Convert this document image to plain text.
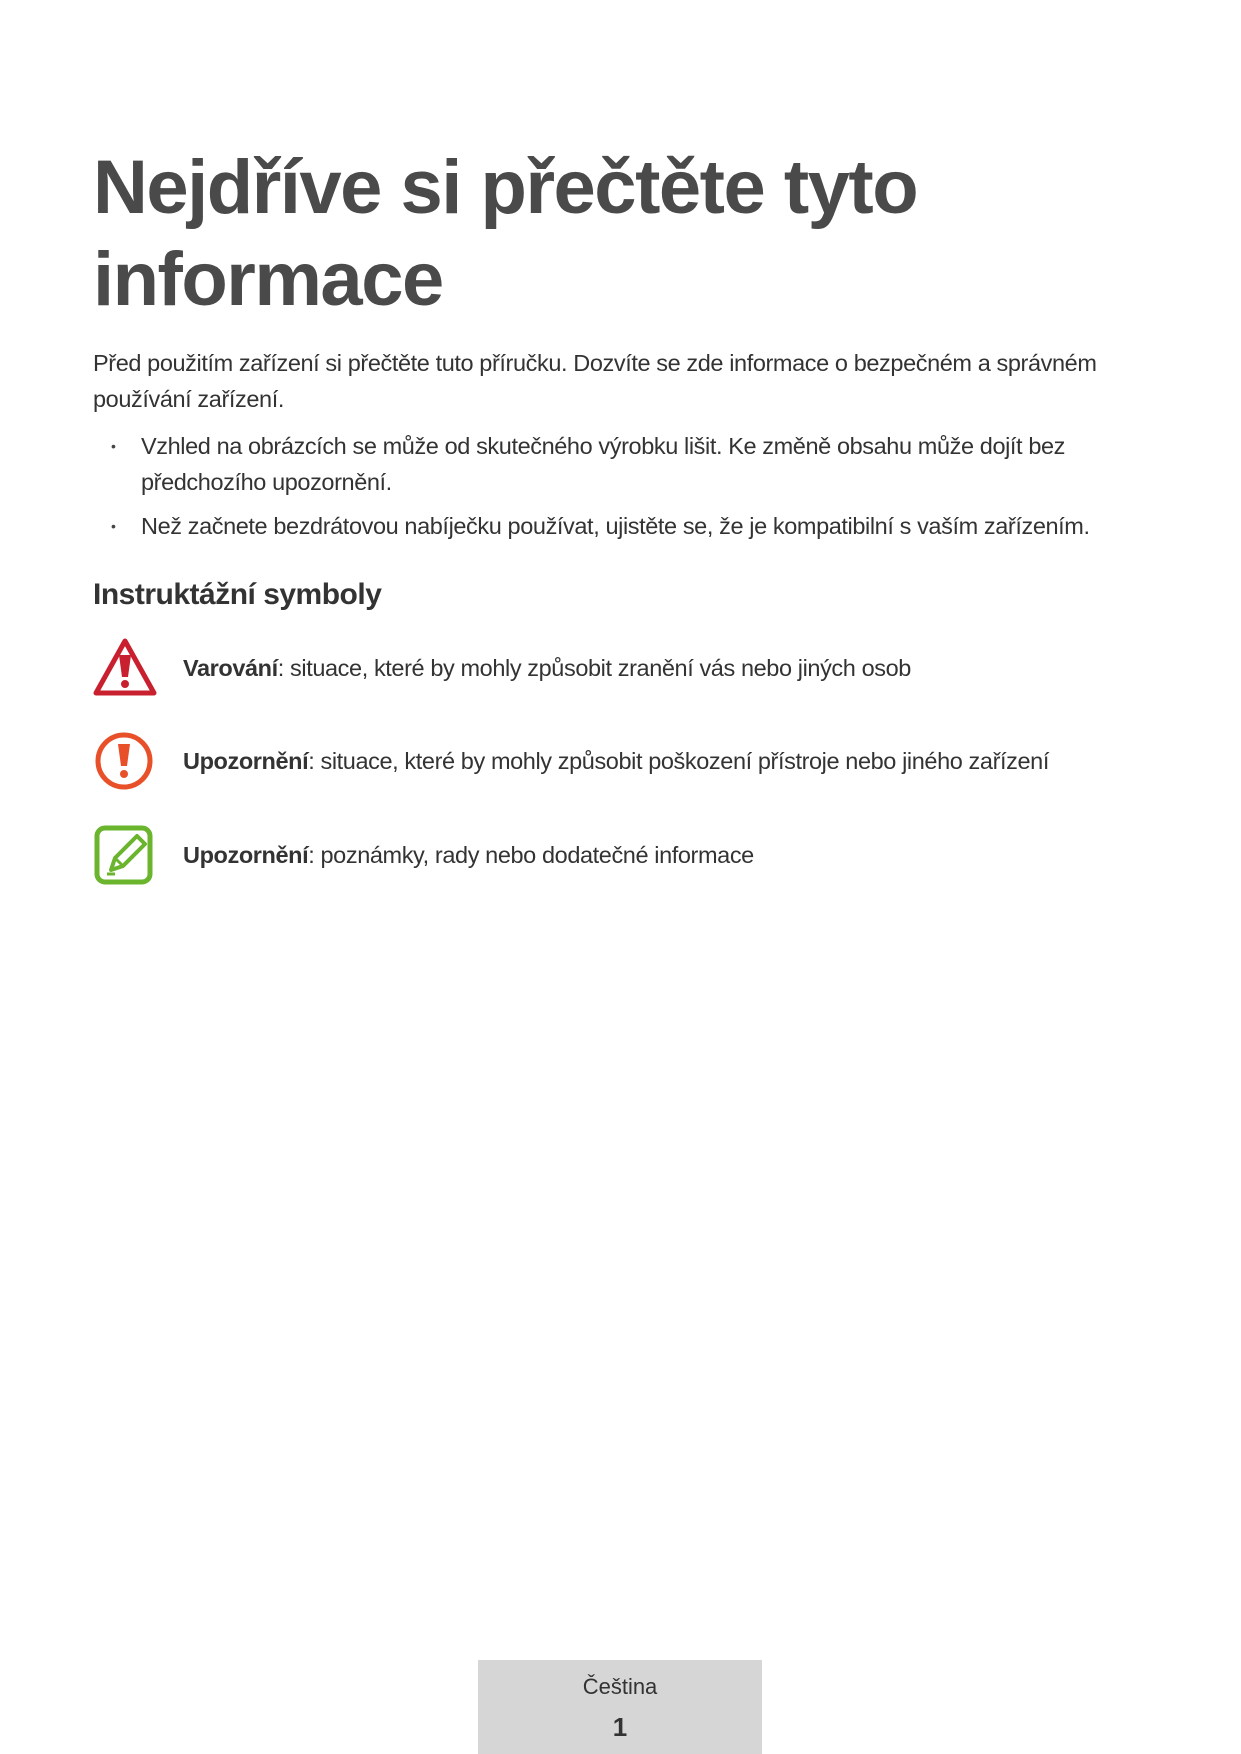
Nejdříve si přečtěte tyto informace

Před použitím zařízení si přečtěte tuto příručku. Dozvíte se zde informace o bezpečném a správném používání zařízení.

• Vzhled na obrázcích se může od skutečného výrobku lišit. Ke změně obsahu může dojít bez předchozího upozornění.
• Než začnete bezdrátovou nabíječku používat, ujistěte se, že je kompatibilní s vaším zařízením.
Instruktážní symboly
Varování: situace, které by mohly způsobit zranění vás nebo jiných osob
Upozornění: situace, které by mohly způsobit poškození přístroje nebo jiného zařízení
Upozornění: poznámky, rady nebo dodatečné informace
Čeština
1
